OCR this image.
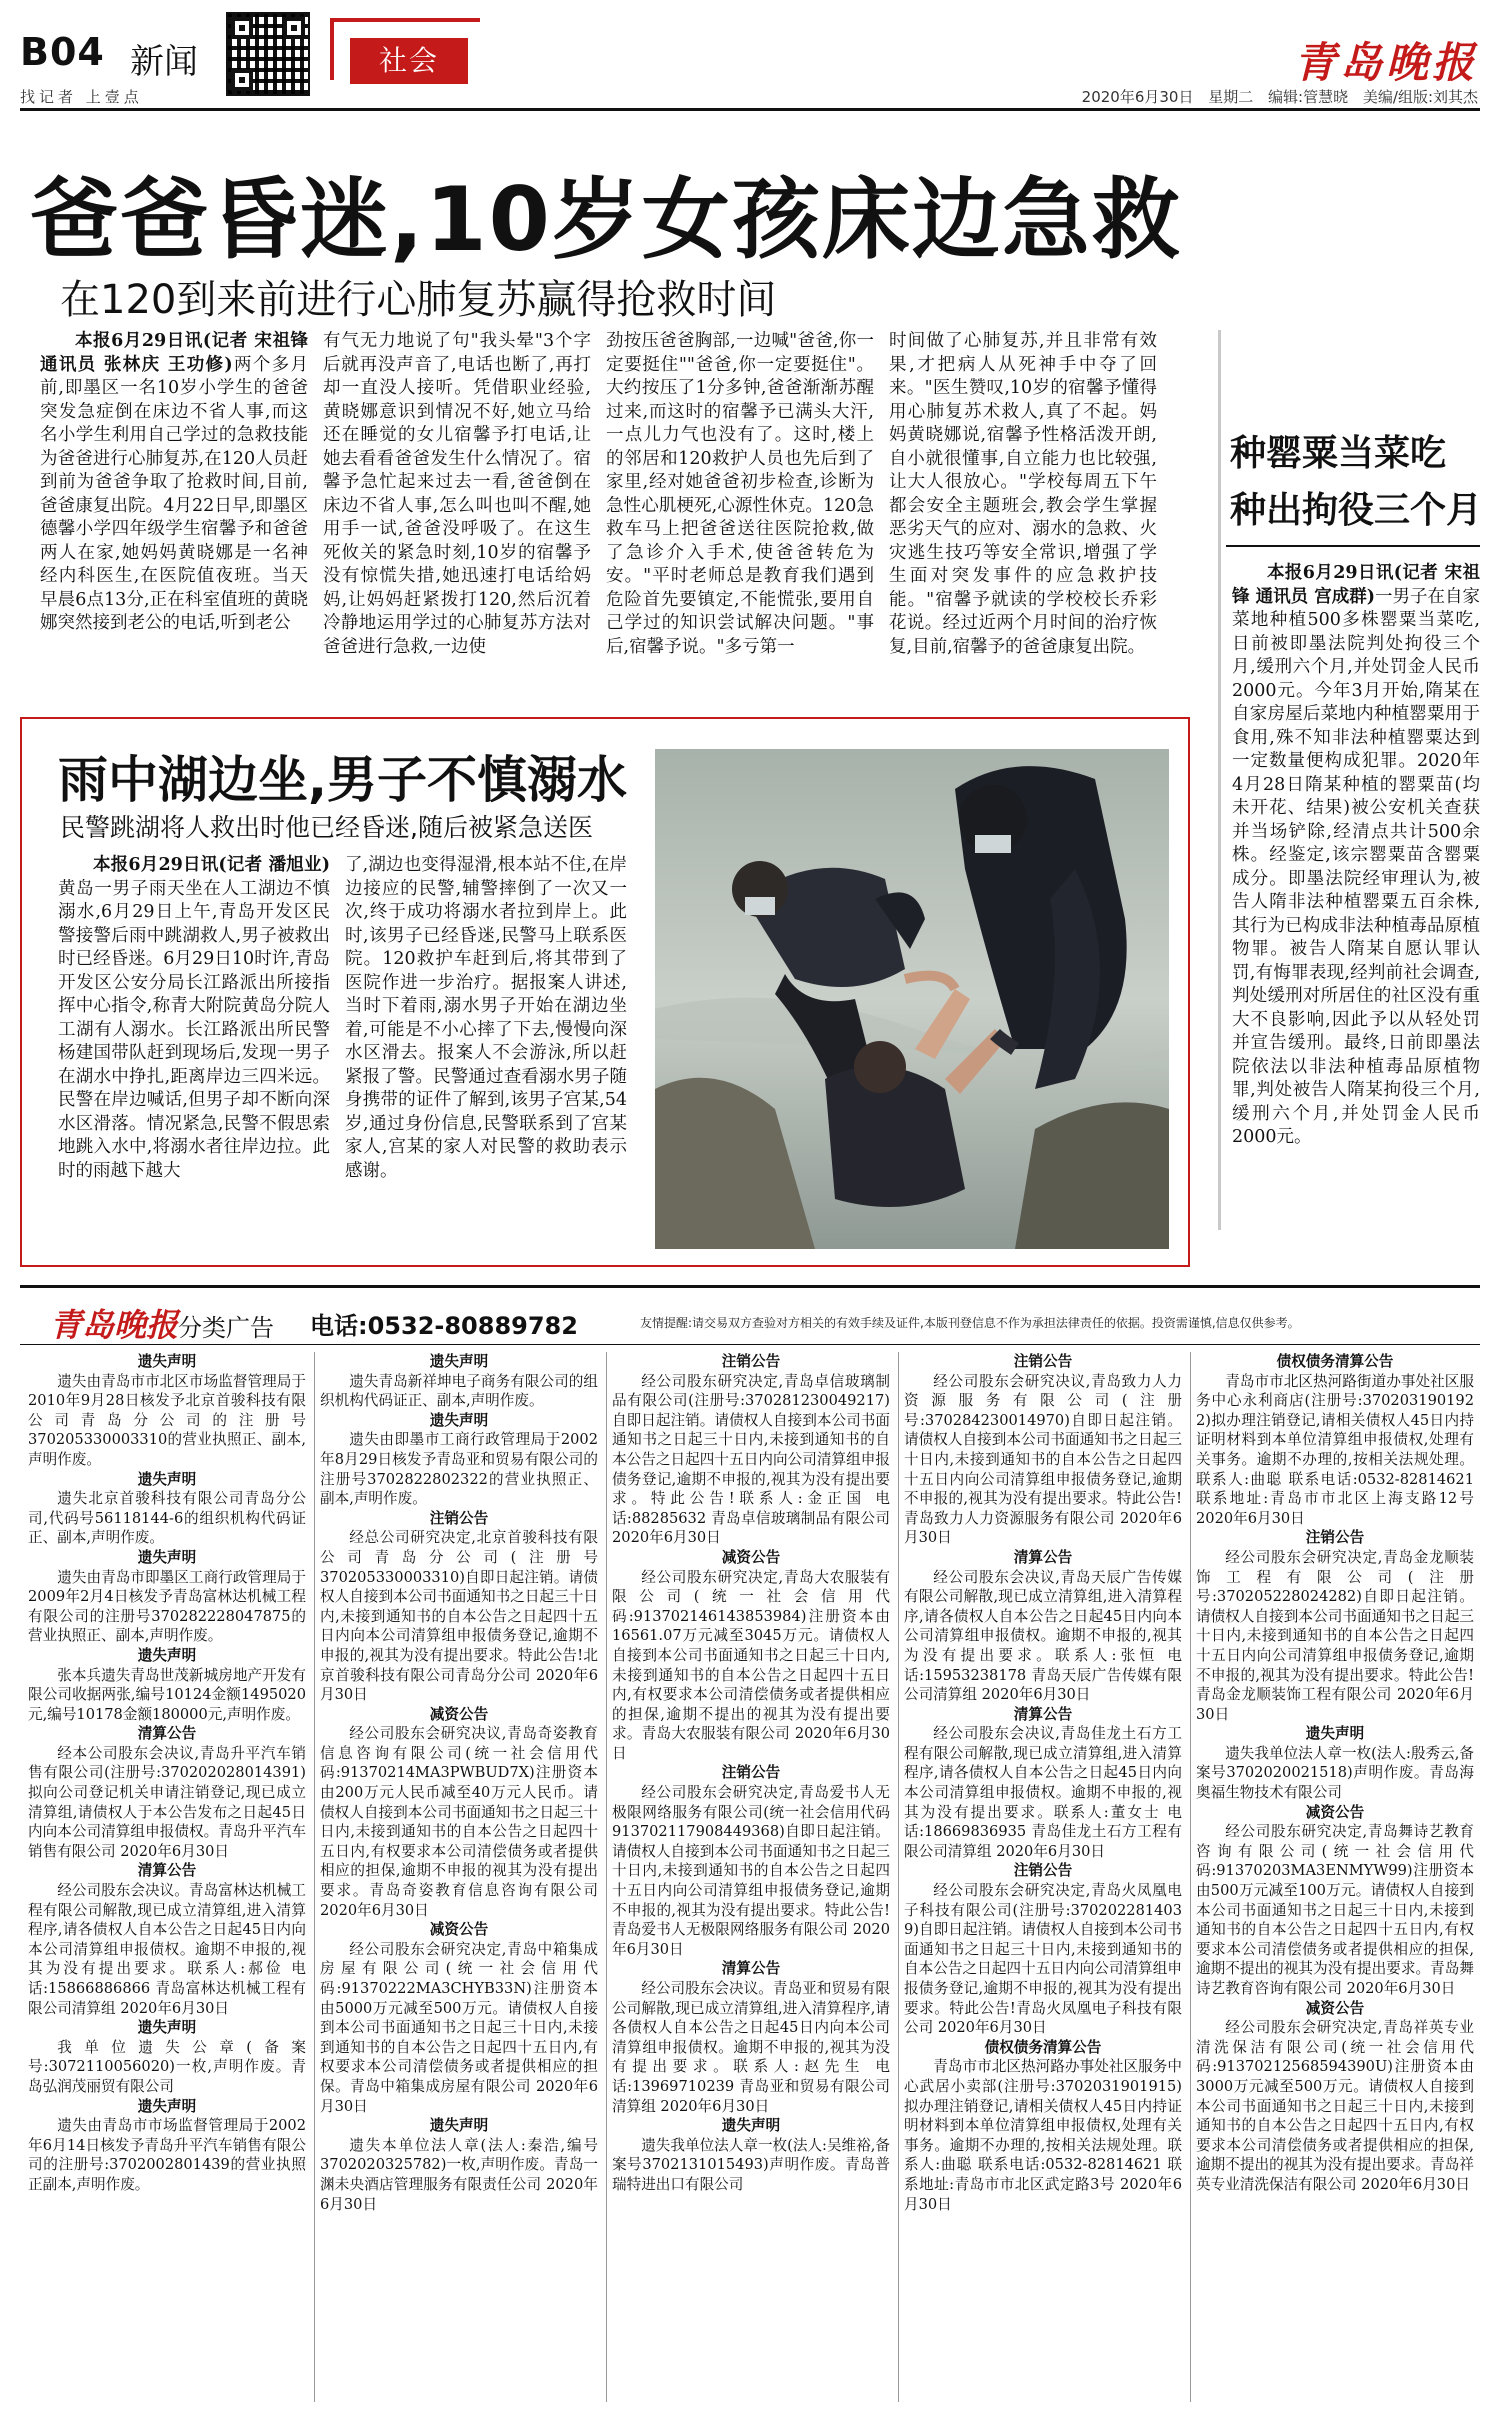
B04 新闻
找记者 上壹点
社会	青岛晚报
2020年6月30日 星期二 编辑:管慧晓 美编/组版:刘其杰
爸爸昏迷,10岁女孩床边急救
在120到来前进行心肺复苏赢得抢救时间

本报6月29日讯(记者 宋祖锋 通讯员 张林庆 王功修)两个多月前,即墨区一名10岁小学生的爸爸突发急症倒在床边不省人事,而这名小学生利用自己学过的急救技能为爸爸进行心肺复苏,在120人员赶到前为爸爸争取了抢救时间,目前,爸爸康复出院。4月22日早,即墨区德馨小学四年级学生宿馨予和爸爸两人在家,她妈妈黄晓娜是一名神经内科医生,在医院值夜班。当天早晨6点13分,正在科室值班的黄晓娜突然接到老公的电话,听到老公

有气无力地说了句"我头晕"3个字后就再没声音了,电话也断了,再打却一直没人接听。凭借职业经验,黄晓娜意识到情况不好,她立马给还在睡觉的女儿宿馨予打电话,让她去看看爸爸发生什么情况了。宿馨予急忙起来过去一看,爸爸倒在床边不省人事,怎么叫也叫不醒,她用手一试,爸爸没呼吸了。在这生死攸关的紧急时刻,10岁的宿馨予没有惊慌失措,她迅速打电话给妈妈,让妈妈赶紧拨打120,然后沉着冷静地运用学过的心肺复苏方法对爸爸进行急救,一边使

劲按压爸爸胸部,一边喊"爸爸,你一定要挺住""爸爸,你一定要挺住"。大约按压了1分多钟,爸爸渐渐苏醒过来,而这时的宿馨予已满头大汗,一点儿力气也没有了。这时,楼上的邻居和120救护人员也先后到了家里,经对她爸爸初步检查,诊断为急性心肌梗死,心源性休克。120急救车马上把爸爸送往医院抢救,做了急诊介入手术,使爸爸转危为安。"平时老师总是教育我们遇到危险首先要镇定,不能慌张,要用自己学过的知识尝试解决问题。"事后,宿馨予说。"多亏第一

时间做了心肺复苏,并且非常有效果,才把病人从死神手中夺了回来。"医生赞叹,10岁的宿馨予懂得用心肺复苏术救人,真了不起。妈妈黄晓娜说,宿馨予性格活泼开朗,自小就很懂事,自立能力也比较强,让大人很放心。"学校每周五下午都会安全主题班会,教会学生掌握恶劣天气的应对、溺水的急救、火灾逃生技巧等安全常识,增强了学生面对突发事件的应急救护技能。"宿馨予就读的学校校长乔彩花说。经过近两个月时间的治疗恢复,目前,宿馨予的爸爸康复出院。

种罂粟当菜吃
种出拘役三个月

本报6月29日讯(记者 宋祖锋 通讯员 宫成群)一男子在自家菜地种植500多株罂粟当菜吃,日前被即墨法院判处拘役三个月,缓刑六个月,并处罚金人民币2000元。今年3月开始,隋某在自家房屋后菜地内种植罂粟用于食用,殊不知非法种植罂粟达到一定数量便构成犯罪。2020年4月28日隋某种植的罂粟苗(均未开花、结果)被公安机关查获并当场铲除,经清点共计500余株。经鉴定,该宗罂粟苗含罂粟成分。即墨法院经审理认为,被告人隋非法种植罂粟五百余株,其行为已构成非法种植毒品原植物罪。被告人隋某自愿认罪认罚,有悔罪表现,经判前社会调查,判处缓刑对所居住的社区没有重大不良影响,因此予以从轻处罚并宣告缓刑。最终,日前即墨法院依法以非法种植毒品原植物罪,判处被告人隋某拘役三个月,缓刑六个月,并处罚金人民币2000元。

雨中湖边坐,男子不慎溺水
民警跳湖将人救出时他已经昏迷,随后被紧急送医

本报6月29日讯(记者 潘旭业)黄岛一男子雨天坐在人工湖边不慎溺水,6月29日上午,青岛开发区民警接警后雨中跳湖救人,男子被救出时已经昏迷。6月29日10时许,青岛开发区公安分局长江路派出所接指挥中心指令,称青大附院黄岛分院人工湖有人溺水。长江路派出所民警杨建国带队赶到现场后,发现一男子在湖水中挣扎,距离岸边三四米远。民警在岸边喊话,但男子却不断向深水区滑落。情况紧急,民警不假思索地跳入水中,将溺水者往岸边拉。此时的雨越下越大

了,湖边也变得湿滑,根本站不住,在岸边接应的民警,辅警摔倒了一次又一次,终于成功将溺水者拉到岸上。此时,该男子已经昏迷,民警马上联系医院。120救护车赶到后,将其带到了医院作进一步治疗。据报案人讲述,当时下着雨,溺水男子开始在湖边坐着,可能是不小心摔了下去,慢慢向深水区滑去。报案人不会游泳,所以赶紧报了警。民警通过查看溺水男子随身携带的证件了解到,该男子宫某,54岁,通过身份信息,民警联系到了宫某家人,宫某的家人对民警的救助表示感谢。

青岛晚报分类广告 电话:0532-80889782	友情提醒:请交易双方查验对方相关的有效手续及证件,本版刊登信息不作为承担法律责任的依据。投资需谨慎,信息仅供参考。
遗失声明
遗失由青岛市市北区市场监督管理局于2010年9月28日核发予北京首骏科技有限公司青岛分公司的注册号370205330003310的营业执照正、副本,声明作废。
遗失声明
遗失北京首骏科技有限公司青岛分公司,代码号56118144-6的组织机构代码证正、副本,声明作废。
遗失声明
遗失由青岛市即墨区工商行政管理局于2009年2月4日核发予青岛富林达机械工程有限公司的注册号370282228047875的营业执照正、副本,声明作废。
遗失声明
张本兵遗失青岛世茂新城房地产开发有限公司收据两张,编号10124金额1495020元,编号10178金额180000元,声明作废。
清算公告
经本公司股东会决议,青岛升平汽车销售有限公司(注册号:370202028014391)拟向公司登记机关申请注销登记,现已成立清算组,请债权人于本公告发布之日起45日内向本公司清算组申报债权。青岛升平汽车销售有限公司 2020年6月30日
清算公告
经公司股东会决议。青岛富林达机械工程有限公司解散,现已成立清算组,进入清算程序,请各债权人自本公告之日起45日内向本公司清算组申报债权。逾期不申报的,视其为没有提出要求。联系人:郝俭 电话:15866886866 青岛富林达机械工程有限公司清算组 2020年6月30日
遗失声明
我单位遗失公章(备案号:3072110056020)一枚,声明作废。青岛弘润茂丽贸有限公司
遗失声明
遗失由青岛市市场监督管理局于2002年6月14日核发予青岛升平汽车销售有限公司的注册号:370200280143​9的营业执照正副本,声明作废。
遗失声明
遗失青岛新祥坤电子商务有限公司的组织机构代码证正、副本,声明作废。
遗失声明
遗失由即墨市工商行政管理局于2002年8月29日核发予青岛亚和贸易有限公司的注册号370282280​2322的营业执照正、副本,声明作废。
注销公告
经总公司研究决定,北京首骏科技有限公司青岛分公司(注册号370205330003310)自即日起注销。请债权人自接到本公司书面通知书之日起三十日内,未接到通知书的自本公告之日起四十五日内向本公司清算组申报债务登记,逾期不申报的,视其为没有提出要求。特此公告!北京首骏科技有限公司青岛分公司 2020年6月30日
减资公告
经公司股东会研究决议,青岛奇姿教育信息咨询有限公司(统一社会信用代码:91370214MA3PWBUD7X)注册资本由200万元人民币减至40万元人民币。请债权人自接到本公司书面通知书之日起三十日内,未接到通知书的自本公告之日起四十五日内,有权要求本公司清偿债务或者提供相应的担保,逾期不申报的视其为没有提出要求。青岛奇姿教育信息咨询有限公司 2020年6月30日
减资公告
经公司股东会研究决定,青岛中箱集成房屋有限公司(统一社会信用代码:91370222MA3CHYB33N)注册资本由5000万元减至500万元。请债权人自接到本公司书面通知书之日起三十日内,未接到通知书的自本公告之日起四十五日内,有权要求本公司清偿债务或者提供相应的担保。青岛中箱集成房屋有限公司 2020年6月30日
遗失声明
遗失本单位法人章(法人:秦浩,编号3702020325782)一枚,声明作废。青岛一渊未央酒店管理服务有限责任公司 2020年6月30日
注销公告
经公司股东研究决定,青岛卓信玻璃制品有限公司(注册号:37028123004921​7)自即日起注销。请债权人自接到本公司书面通知书之日起三十日内,未接到通知书的自本公告之日起四十五日内向公司清算组申报债务登记,逾期不申报的,视其为没有提出要求。特此公告!联系人:金正国 电话:88285632 青岛卓信玻璃制品有限公司 2020年6月30日
减资公告
经公司股东研究决定,青岛大农服装有限公司(统一社会信用代码:91370214614385​3984)注册资本由16561.07万元减至3045万元。请债权人自接到本公司书面通知书之日起三十日内,未接到通知书的自本公告之日起四十五日内,有权要求本公司清偿债务或者提供相应的担保,逾期不提出的视其为没有提出要求。青岛大农服装有限公司 2020年6月30日
注销公告
经公司股东会研究决定,青岛爱书人无极限网络服务有限公司(统一社会信用代码913702117908449368)自即日起注销。请债权人自接到本公司书面通知书之日起三十日内,未接到通知书的自本公告之日起四十五日内向公司清算组申报债务登记,逾期不申报的,视其为没有提出要求。特此公告!青岛爱书人无极限网络服务有限公司 2020年6月30日
清算公告
经公司股东会决议。青岛亚和贸易有限公司解散,现已成立清算组,进入清算程序,请各债权人自本公告之日起45日内向本公司清算组申报债权。逾期不申报的,视其为没有提出要求。联系人:赵先生 电话:13969710239 青岛亚和贸易有限公司清算组 2020年6月30日
遗失声明
遗失我单位法人章一枚(法人:吴维裕,备案号3702131015493)声明作废。青岛普瑞特进出口有限公司
注销公告
经公司股东会研究决议,青岛致力人力资源服务有限公司(注册号:370284230014970)自即日起注销。请债权人自接到本公司书面通知书之日起三十日内,未接到通知书的自本公告之日起四十五日内向公司清算组申报债务登记,逾期不申报的,视其为没有提出要求。特此公告!青岛致力人力资源服务有限公司 2020年6月30日
清算公告
经公司股东会决议,青岛天辰广告传媒有限公司解散,现已成立清算组,进入清算程序,请各债权人自本公告之日起45日内向本公司清算组申报债权。逾期不申报的,视其为没有提出要求。联系人:张恒 电话:15953238178 青岛天辰广告传媒有限公司清算组 2020年6月30日
清算公告
经公司股东会决议,青岛佳龙土石方工程有限公司解散,现已成立清算组,进入清算程序,请各债权人自本公告之日起45日内向本公司清算组申报债权。逾期不申报的,视其为没有提出要求。联系人:董女士 电话:18669836935 青岛佳龙土石方工程有限公司清算组 2020年6月30日
注销公告
经公司股东会研究决定,青岛火凤凰电子科技有限公司(注册号:370202281403​9)自即日起注销。请债权人自接到本公司书面通知书之日起三十日内,未接到通知书的自本公告之日起四十五日内向公司清算组申报债务登记,逾期不申报的,视其为没有提出要求。特此公告!青岛火凤凰电子科技有限公司 2020年6月30日
债权债务清算公告
青岛市市北区热河路办事处社区服务中心武居小卖部(注册号:370203190191​5)拟办理注销登记,请相关债权人45日内持证明材料到本单位清算组申报债权,处理有关事务。逾期不办理的,按相关法规处理。联系人:曲聪 联系电话:0532-82814621 联系地址:青岛市市北区武定路3号 2020年6月30日
债权债务清算公告
青岛市市北区热河路街道办事处社区服务中心永利商店(注册号:370203190192​2)拟办理注销登记,请相关债权人45日内持证明材料到本单位清算组申报债权,处理有关事务。逾期不办理的,按相关法规处理。联系人:曲聪 联系电话:0532-82814621 联系地址:青岛市市北区上海支路12号 2020年6月30日
注销公告
经公司股东会研究决定,青岛金龙顺装饰工程有限公司(注册号:370205228024282)自即日起注销。请债权人自接到本公司书面通知书之日起三十日内,未接到通知书的自本公告之日起四十五日内向公司清算组申报债务登记,逾期不申报的,视其为没有提出要求。特此公告!青岛金龙顺装饰工程有限公司 2020年6月30日
遗失声明
遗失我单位法人章一枚(法人:殷秀云,备案号3702020021518)声明作废。青岛海奥福生物技术有限公司
减资公告
经公司股东研究决定,青岛舞诗艺教育咨询有限公司(统一社会信用代码:91370203MA3ENMYW99)注册资本由500万元减至100万元。请债权人自接到本公司书面通知书之日起三十日内,未接到通知书的自本公告之日起四十五日内,有权要求本公司清偿债务或者提供相应的担保,逾期不提出的视其为没有提出要求。青岛舞诗艺教育咨询有限公司 2020年6月30日
减资公告
经公司股东会研究决定,青岛祥英专业清洗保洁有限公司(统一社会信用代码:91370212568594390U)注册资本由3000万元减至500万元。请债权人自接到本公司书面通知书之日起三十日内,未接到通知书的自本公告之日起四十五日内,有权要求本公司清偿债务或者提供相应的担保,逾期不提出的视其为没有提出要求。青岛祥英专业清洗保洁有限公司 2020年6月30日
